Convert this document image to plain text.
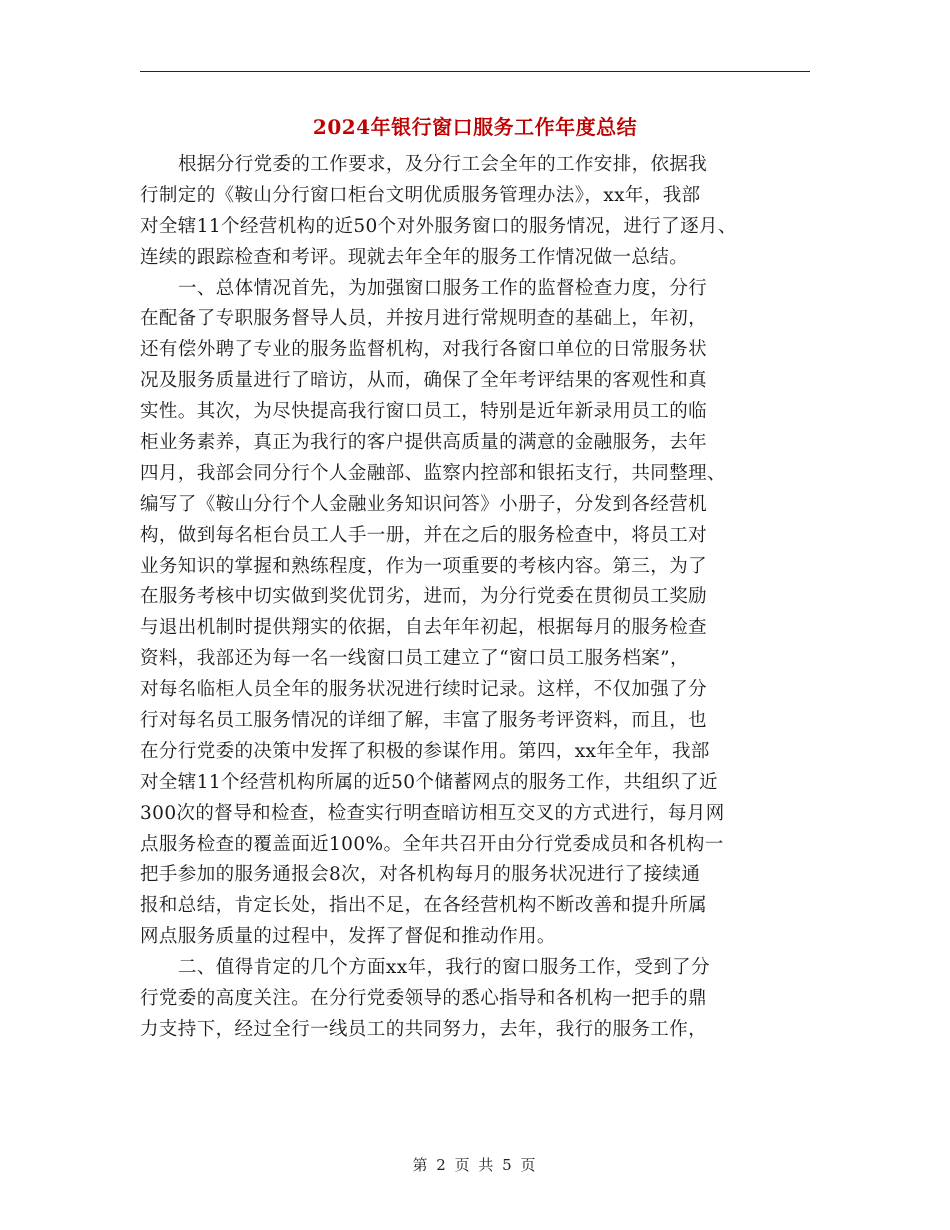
2024年银行窗口服务工作年度总结
根据分行党委的工作要求，及分行工会全年的工作安排，依据我
行制定的《鞍山分行窗口柜台文明优质服务管理办法》，xx年，我部
对全辖11个经营机构的近50个对外服务窗口的服务情况，进行了逐月、
连续的跟踪检查和考评。现就去年全年的服务工作情况做一总结。
一、总体情况首先，为加强窗口服务工作的监督检查力度，分行
在配备了专职服务督导人员，并按月进行常规明查的基础上，年初，
还有偿外聘了专业的服务监督机构，对我行各窗口单位的日常服务状
况及服务质量进行了暗访，从而，确保了全年考评结果的客观性和真
实性。其次，为尽快提高我行窗口员工，特别是近年新录用员工的临
柜业务素养，真正为我行的客户提供高质量的满意的金融服务，去年
四月，我部会同分行个人金融部、监察内控部和银拓支行，共同整理、
编写了《鞍山分行个人金融业务知识问答》小册子，分发到各经营机
构，做到每名柜台员工人手一册，并在之后的服务检查中，将员工对
业务知识的掌握和熟练程度，作为一项重要的考核内容。第三，为了
在服务考核中切实做到奖优罚劣，进而，为分行党委在贯彻员工奖励
与退出机制时提供翔实的依据，自去年年初起，根据每月的服务检查
资料，我部还为每一名一线窗口员工建立了“窗口员工服务档案”，
对每名临柜人员全年的服务状况进行续时记录。这样，不仅加强了分
行对每名员工服务情况的详细了解，丰富了服务考评资料，而且，也
在分行党委的决策中发挥了积极的参谋作用。第四，xx年全年，我部
对全辖11个经营机构所属的近50个储蓄网点的服务工作，共组织了近
300次的督导和检查，检查实行明查暗访相互交叉的方式进行，每月网
点服务检查的覆盖面近100%。全年共召开由分行党委成员和各机构一
把手参加的服务通报会8次，对各机构每月的服务状况进行了接续通
报和总结，肯定长处，指出不足，在各经营机构不断改善和提升所属
网点服务质量的过程中，发挥了督促和推动作用。
二、值得肯定的几个方面xx年，我行的窗口服务工作，受到了分
行党委的高度关注。在分行党委领导的悉心指导和各机构一把手的鼎
力支持下，经过全行一线员工的共同努力，去年，我行的服务工作，
第 2 页 共 5 页
